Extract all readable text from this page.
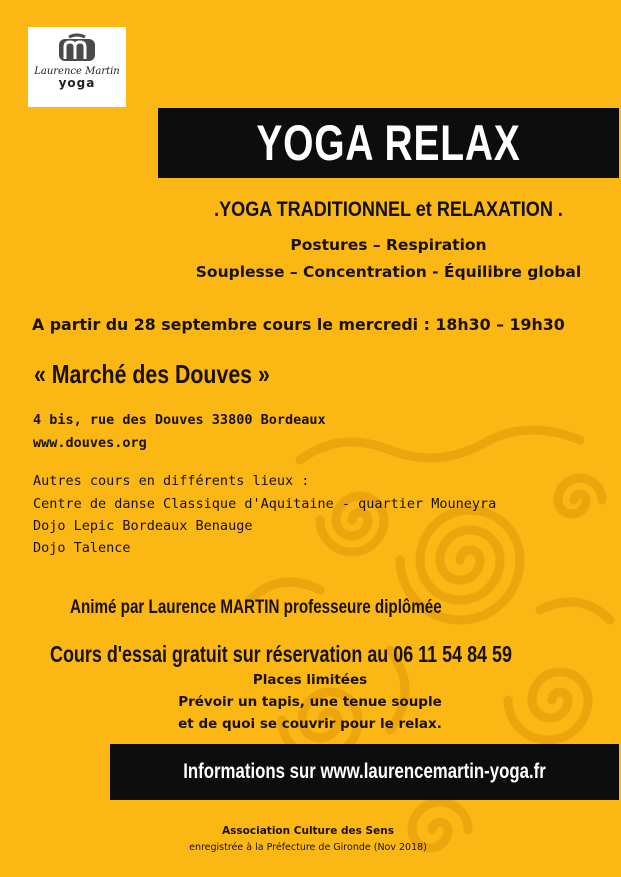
Laurence Martin
yoga
YOGA RELAX
.YOGA TRADITIONNEL et RELAXATION .
Postures – Respiration
Souplesse – Concentration - Équilibre global
A partir du 28 septembre cours le mercredi : 18h30 – 19h30
« Marché des Douves »
4 bis, rue des Douves 33800 Bordeaux
www.douves.org
Autres cours en différents lieux :
Centre de danse Classique d'Aquitaine - quartier Mouneyra
Dojo Lepic Bordeaux Benauge
Dojo Talence
Animé par Laurence MARTIN professeure diplômée
Cours d'essai gratuit sur réservation au 06 11 54 84 59
Places limitées
Prévoir un tapis, une tenue souple
et de quoi se couvrir pour le relax.
Informations sur www.laurencemartin-yoga.fr
Association Culture des Sens
enregistrée à la Préfecture de Gironde (Nov 2018)
